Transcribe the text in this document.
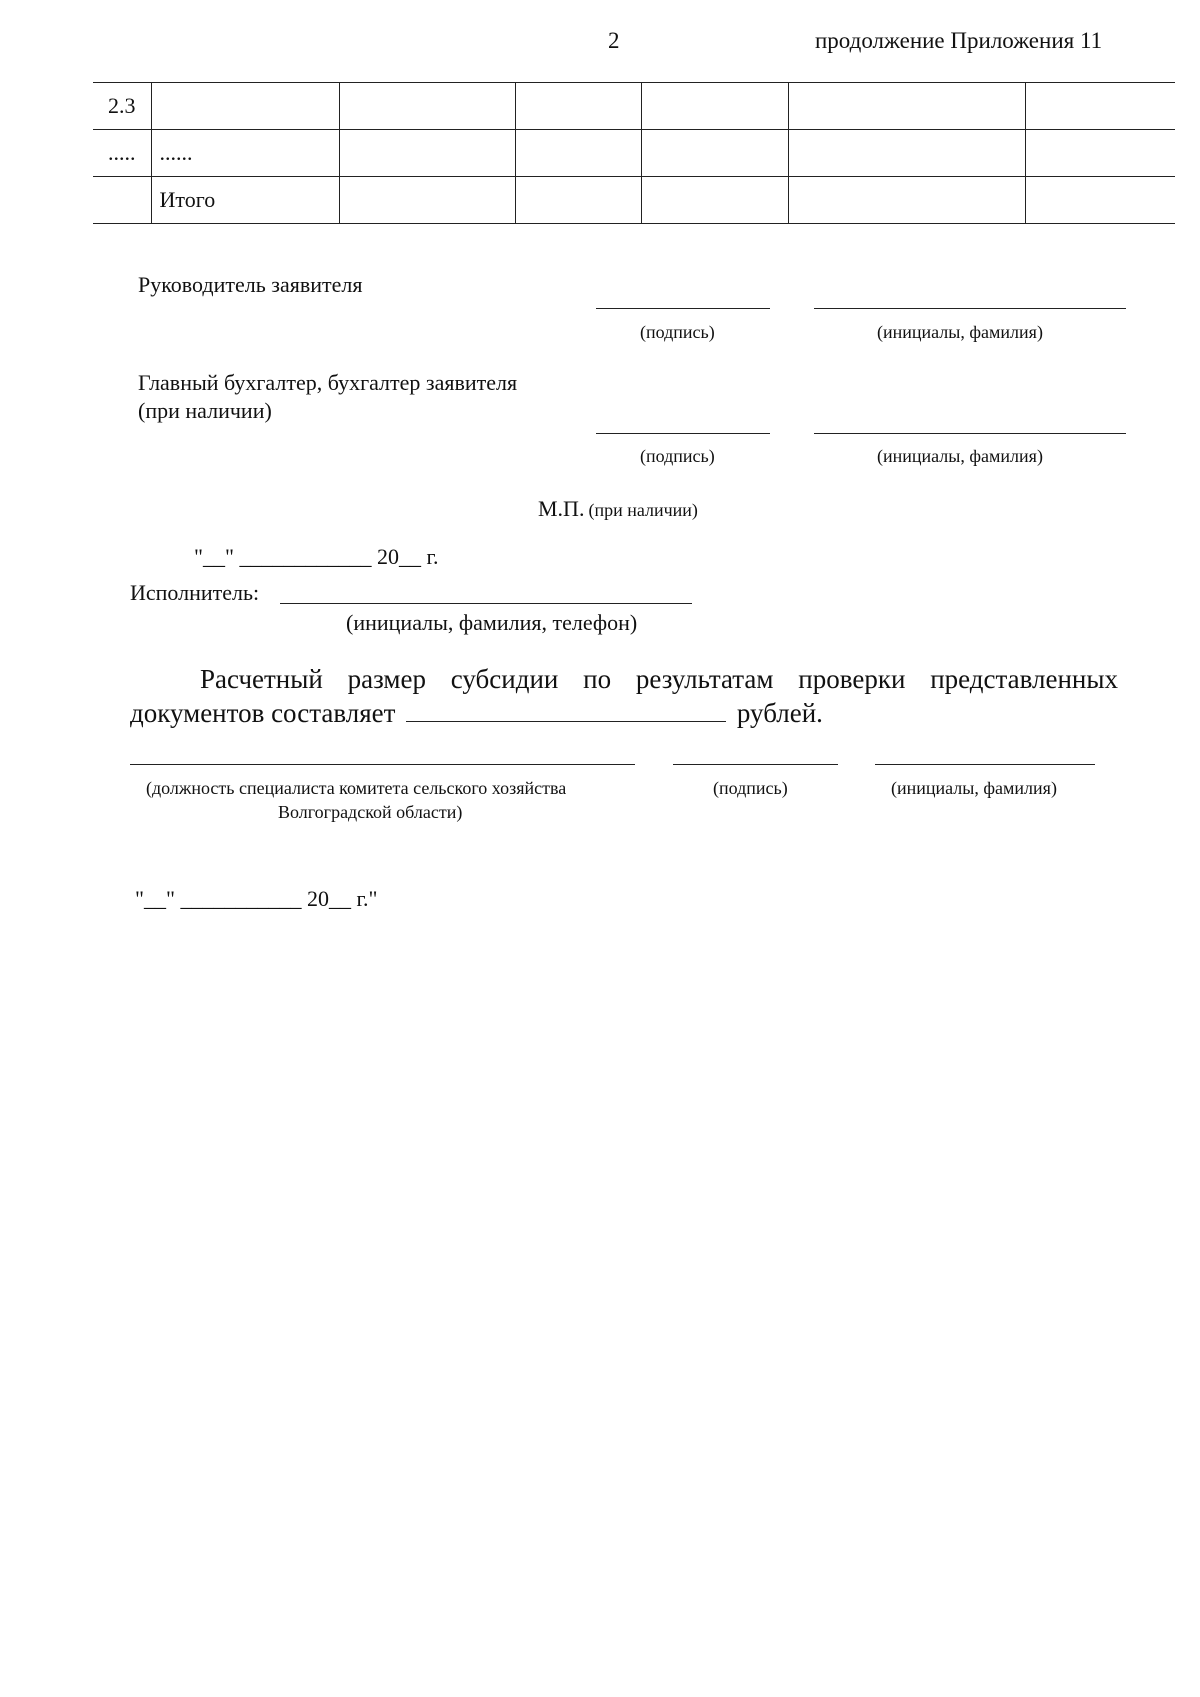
2	продолжение Приложения 11
2.3						
.....	......					
	Итого					
Руководитель заявителя
(подпись)	(инициалы, фамилия)
Главный бухгалтер, бухгалтер заявителя
(при наличии)
(подпись)	(инициалы, фамилия)
М.П. (при наличии)
"__" ____________ 20__ г.
Исполнитель:
(инициалы, фамилия, телефон)
Расчетный размер субсидии по результатам проверки представленных
документов составляет	рублей.
(должность специалиста комитета сельского хозяйства
Волгоградской области)
(подпись)	(инициалы, фамилия)
"__" ___________ 20__ г."
